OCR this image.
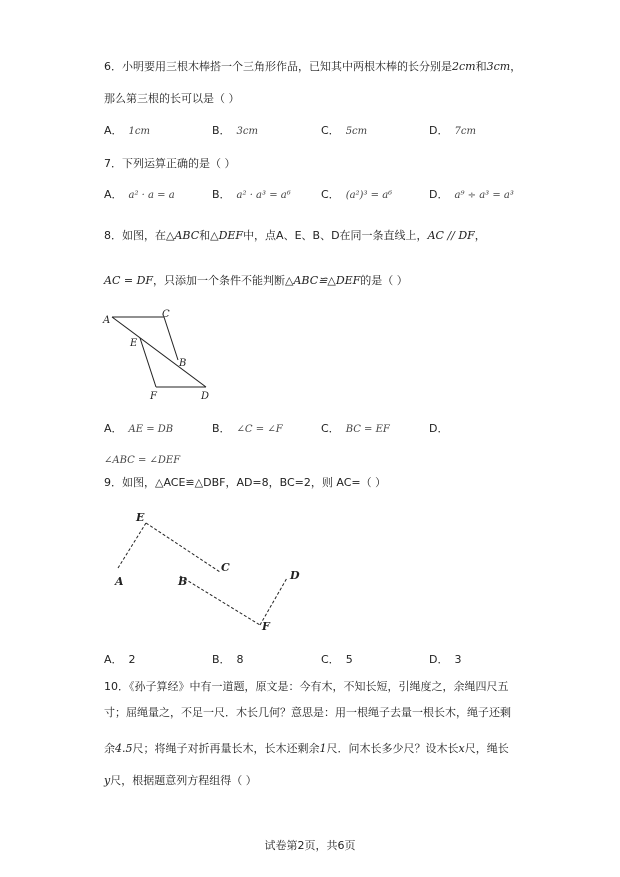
6．小明要用三根木棒搭一个三角形作品，已知其中两根木棒的长分别是2cm和3cm，
那么第三根的长可以是（ ）
A． 1cm	B． 3cm	C． 5cm	D． 7cm
7．下列运算正确的是（ ）
A． a² · a = a	B． a² · a³ = a⁶	C． (a²)³ = a⁶	D． a⁹ ÷ a³ = a³
8．如图，在△ABC和△DEF中，点A、E、B、D在同一条直线上，AC // DF，
AC = DF，只添加一个条件不能判断△ABC≌△DEF的是（ ）
A
C
E
B
F	D
A． AE = DB	B． ∠C = ∠F	C． BC = EF	D．
∠ABC = ∠DEF
9．如图，△ACE≌△DBF，AD=8，BC=2，则 AC=（ ）
E
C
A	B	D
F
A． 2	B． 8	C． 5	D． 3
10．《孙子算经》中有一道题，原文是：今有木，不知长短，引绳度之，余绳四尺五
寸；屈绳量之，不足一尺．木长几何？意思是：用一根绳子去量一根长木，绳子还剩
余4.5尺；将绳子对折再量长木，长木还剩余1尺．问木长多少尺？设木长x尺，绳长
y尺，根据题意列方程组得（ ）
试卷第2页，共6页
